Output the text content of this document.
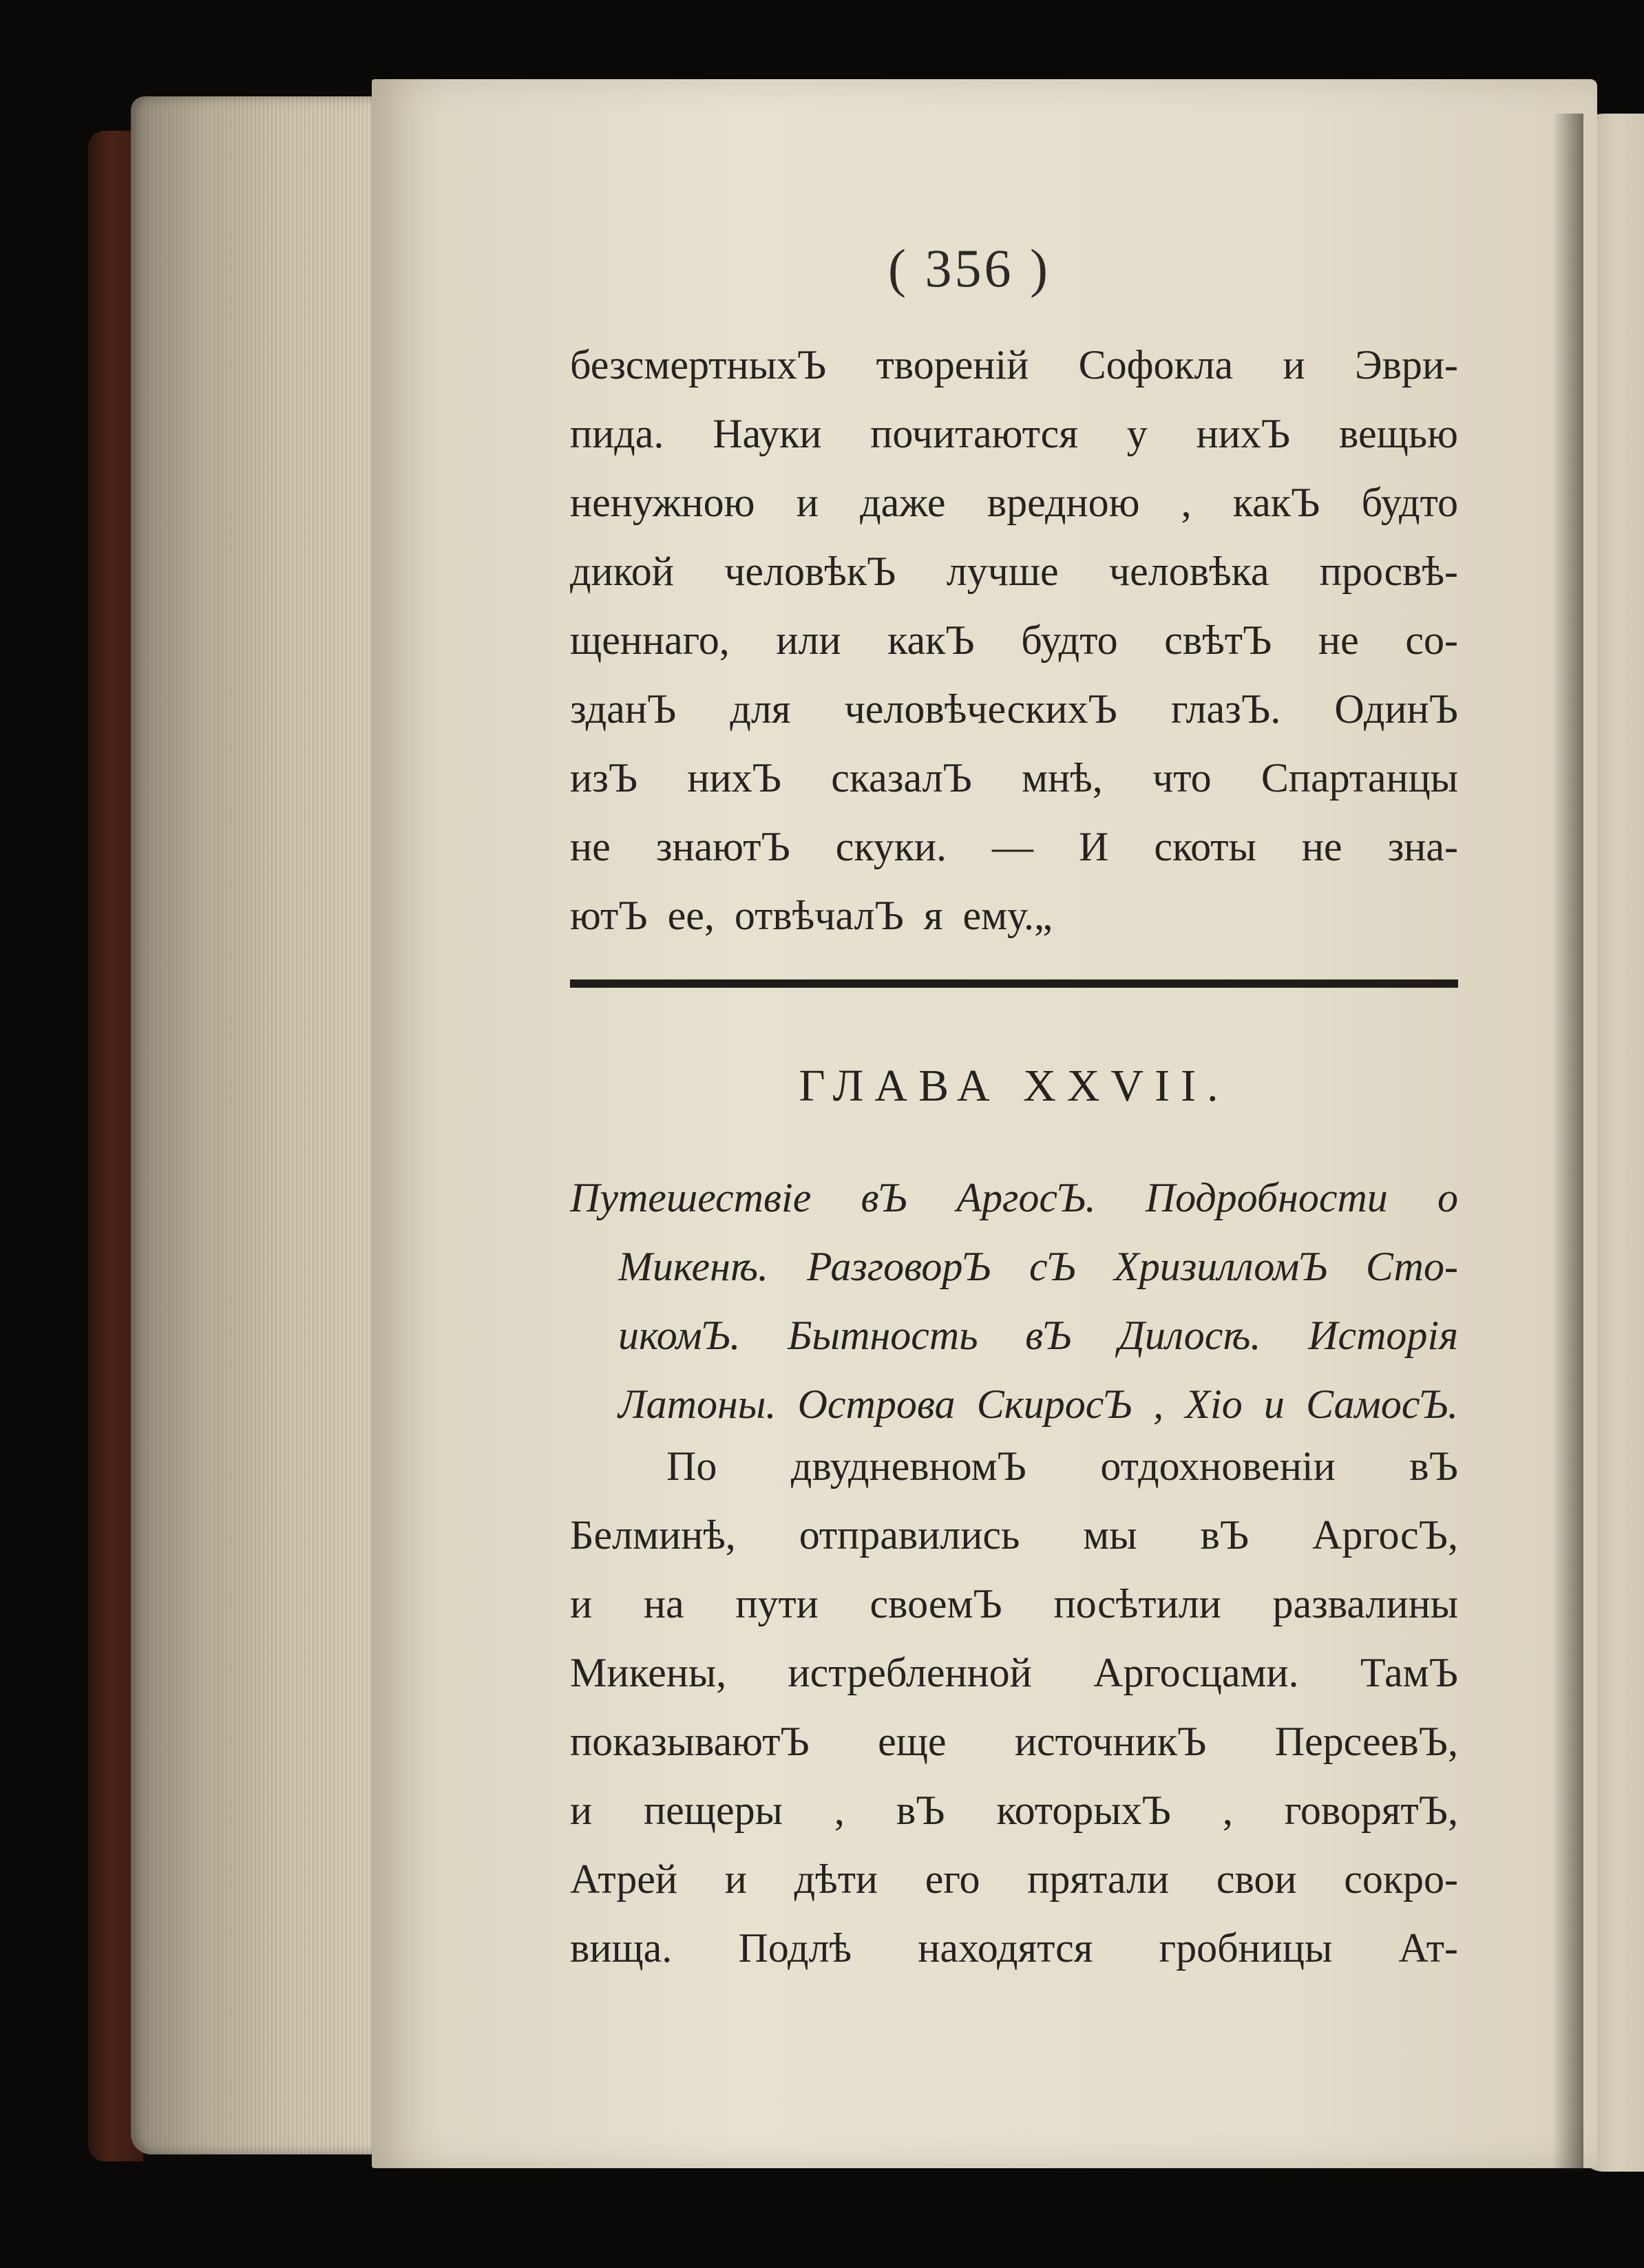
( 356 )
безсмертныхЪ твореній Софокла и Эври-
пида. Науки почитаются у нихЪ вещью
ненужною и даже вредною , какЪ будто
дикой человѣкЪ лучше человѣка просвѣ-
щеннаго, или какЪ будто свѣтЪ не со-
зданЪ для человѣческихЪ глазЪ. ОдинЪ
изЪ нихЪ сказалЪ мнѣ, что Спартанцы
не знаютЪ скуки. — И скоты не зна-
ютЪ ее, отвѣчалЪ я ему.„
ГЛАВА XXVII.
Путешествіе вЪ АргосЪ. Подробности о
Микенѣ. РазговорЪ сЪ ХризилломЪ Сто-
икомЪ. Бытность вЪ Дилосѣ. Исторія
Латоны. Острова СкиросЪ , Хіо и СамосЪ.
По двудневномЪ отдохновеніи вЪ
Белминѣ, отправились мы вЪ АргосЪ,
и на пути своемЪ посѣтили развалины
Микены, истребленной Аргосцами. ТамЪ
показываютЪ еще источникЪ ПерсеевЪ,
и пещеры , вЪ которыхЪ , говорятЪ,
Атрей и дѣти его прятали свои сокро-
вища. Подлѣ находятся гробницы Ат-
